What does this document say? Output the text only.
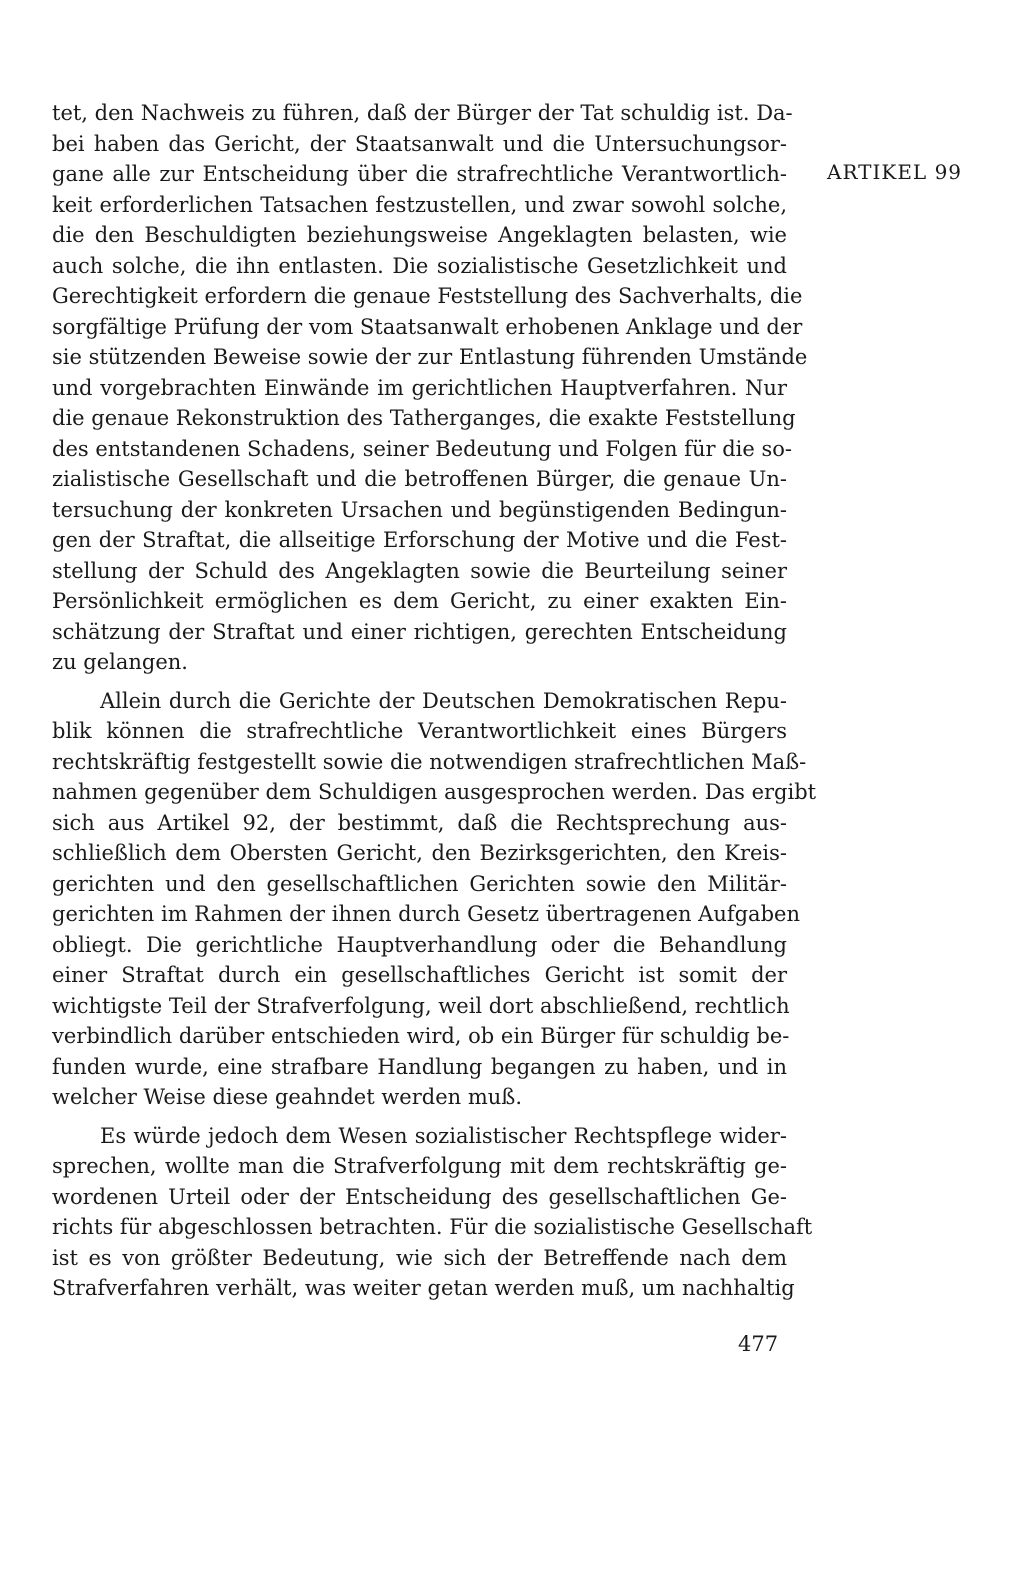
tet, den Nachweis zu führen, daß der Bürger der Tat schuldig ist. Da-
bei haben das Gericht, der Staatsanwalt und die Untersuchungsor-
gane alle zur Entscheidung über die strafrechtliche Verantwortlich-
keit erforderlichen Tatsachen festzustellen, und zwar sowohl solche,
die den Beschuldigten beziehungsweise Angeklagten belasten, wie
auch solche, die ihn entlasten. Die sozialistische Gesetzlichkeit und
Gerechtigkeit erfordern die genaue Feststellung des Sachverhalts, die
sorgfältige Prüfung der vom Staatsanwalt erhobenen Anklage und der
sie stützenden Beweise sowie der zur Entlastung führenden Umstände
und vorgebrachten Einwände im gerichtlichen Hauptverfahren. Nur
die genaue Rekonstruktion des Tatherganges, die exakte Feststellung
des entstandenen Schadens, seiner Bedeutung und Folgen für die so-
zialistische Gesellschaft und die betroffenen Bürger, die genaue Un-
tersuchung der konkreten Ursachen und begünstigenden Bedingun-
gen der Straftat, die allseitige Erforschung der Motive und die Fest-
stellung der Schuld des Angeklagten sowie die Beurteilung seiner
Persönlichkeit ermöglichen es dem Gericht, zu einer exakten Ein-
schätzung der Straftat und einer richtigen, gerechten Entscheidung
zu gelangen.
Allein durch die Gerichte der Deutschen Demokratischen Repu-
blik können die strafrechtliche Verantwortlichkeit eines Bürgers
rechtskräftig festgestellt sowie die notwendigen strafrechtlichen Maß-
nahmen gegenüber dem Schuldigen ausgesprochen werden. Das ergibt
sich aus Artikel 92, der bestimmt, daß die Rechtsprechung aus-
schließlich dem Obersten Gericht, den Bezirksgerichten, den Kreis-
gerichten und den gesellschaftlichen Gerichten sowie den Militär-
gerichten im Rahmen der ihnen durch Gesetz übertragenen Aufgaben
obliegt. Die gerichtliche Hauptverhandlung oder die Behandlung
einer Straftat durch ein gesellschaftliches Gericht ist somit der
wichtigste Teil der Strafverfolgung, weil dort abschließend, rechtlich
verbindlich darüber entschieden wird, ob ein Bürger für schuldig be-
funden wurde, eine strafbare Handlung begangen zu haben, und in
welcher Weise diese geahndet werden muß.
Es würde jedoch dem Wesen sozialistischer Rechtspflege wider-
sprechen, wollte man die Strafverfolgung mit dem rechtskräftig ge-
wordenen Urteil oder der Entscheidung des gesellschaftlichen Ge-
richts für abgeschlossen betrachten. Für die sozialistische Gesellschaft
ist es von größter Bedeutung, wie sich der Betreffende nach dem
Strafverfahren verhält, was weiter getan werden muß, um nachhaltig
ARTIKEL 99
477
